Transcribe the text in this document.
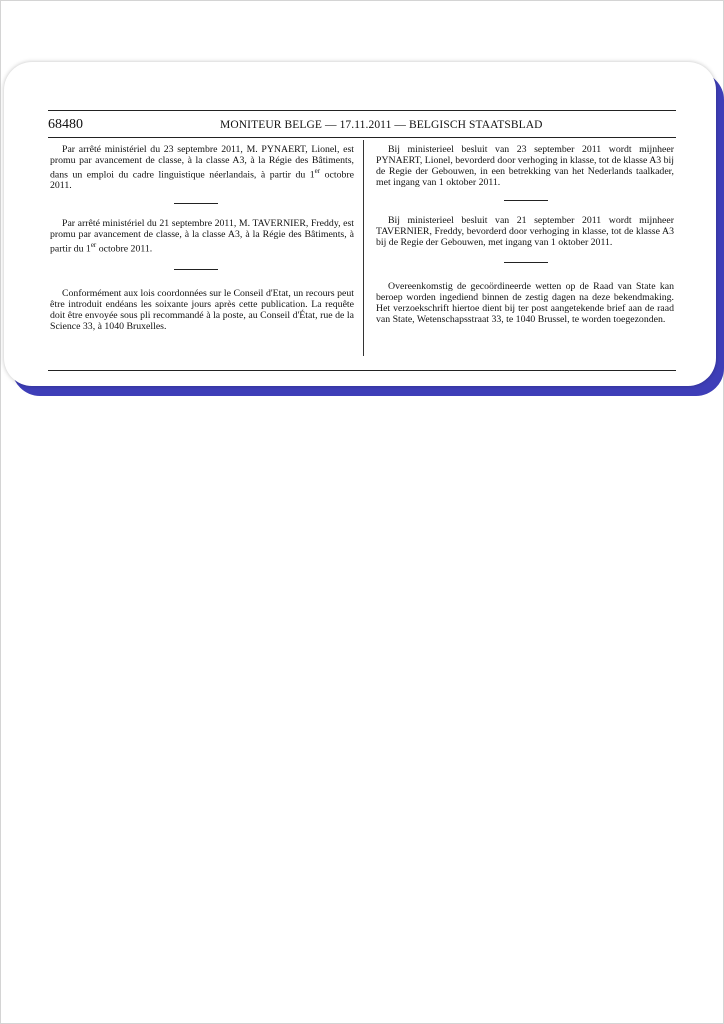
68480	MONITEUR BELGE — 17.11.2011 — BELGISCH STAATSBLAD

Par arrêté ministériel du 23 septembre 2011, M. PYNAERT, Lionel, est promu par avancement de classe, à la classe A3, à la Régie des Bâtiments, dans un emploi du cadre linguistique néerlandais, à partir du 1er octobre 2011.

Par arrêté ministériel du 21 septembre 2011, M. TAVERNIER, Freddy, est promu par avancement de classe, à la classe A3, à la Régie des Bâtiments, à partir du 1er octobre 2011.

Conformément aux lois coordonnées sur le Conseil d'Etat, un recours peut être introduit endéans les soixante jours après cette publication. La requête doit être envoyée sous pli recommandé à la poste, au Conseil d'État, rue de la Science 33, à 1040 Bruxelles.

Bij ministerieel besluit van 23 september 2011 wordt mijnheer PYNAERT, Lionel, bevorderd door verhoging in klasse, tot de klasse A3 bij de Regie der Gebouwen, in een betrekking van het Nederlands taalkader, met ingang van 1 oktober 2011.

Bij ministerieel besluit van 21 september 2011 wordt mijnheer TAVERNIER, Freddy, bevorderd door verhoging in klasse, tot de klasse A3 bij de Regie der Gebouwen, met ingang van 1 oktober 2011.

Overeenkomstig de gecoördineerde wetten op de Raad van State kan beroep worden ingediend binnen de zestig dagen na deze bekendmaking. Het verzoekschrift hiertoe dient bij ter post aangetekende brief aan de raad van State, Wetenschapsstraat 33, te 1040 Brussel, te worden toegezonden.
